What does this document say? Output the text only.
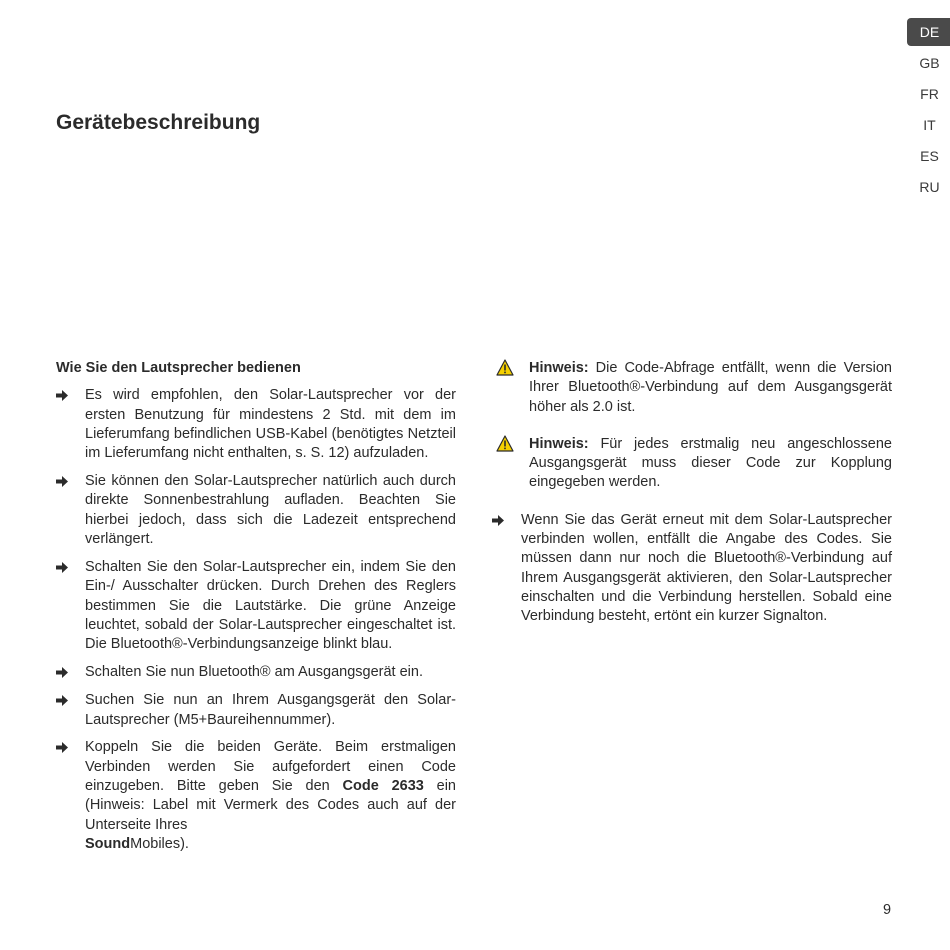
DE
GB
FR
IT
ES
RU
Gerätebeschreibung
Wie Sie den Lautsprecher bedienen
Es wird empfohlen, den Solar-Lautsprecher vor der ersten Benutzung für mindestens 2 Std. mit dem im Lieferumfang befindlichen USB-Kabel (benötigtes Netzteil im Lieferumfang nicht enthalten, s. S. 12) aufzuladen.
Sie können den Solar-Lautsprecher natürlich auch durch direkte Sonnenbestrahlung aufladen. Beachten Sie hierbei jedoch, dass sich die Ladezeit entsprechend verlängert.
Schalten Sie den Solar-Lautsprecher ein, indem Sie den Ein-/ Ausschalter drücken. Durch Drehen des Reglers bestimmen Sie die Lautstärke. Die grüne Anzeige leuchtet, sobald der Solar-Lautsprecher eingeschaltet ist. Die Bluetooth®-Verbindungsanzeige blinkt blau.
Schalten Sie nun Bluetooth® am Ausgangsgerät ein.
Suchen Sie nun an Ihrem Ausgangsgerät den Solar-Lautsprecher (M5+Baureihennummer).
Koppeln Sie die beiden Geräte. Beim erstmaligen Verbinden werden Sie aufgefordert einen Code einzugeben. Bitte geben Sie den Code 2633 ein (Hinweis: Label mit Vermerk des Codes auch auf der Unterseite Ihres
SoundMobiles).
Hinweis: Die Code-Abfrage entfällt, wenn die Version Ihrer Bluetooth®-Verbindung auf dem Ausgangsgerät höher als 2.0 ist.
Hinweis: Für jedes erstmalig neu angeschlossene Ausgangsgerät muss dieser Code zur Kopplung eingegeben werden.
Wenn Sie das Gerät erneut mit dem Solar-Lautsprecher verbinden wollen, entfällt die Angabe des Codes. Sie müssen dann nur noch die Bluetooth®-Verbindung auf Ihrem Ausgangsgerät aktivieren, den Solar-Lautsprecher einschalten und die Verbindung herstellen. Sobald eine Verbindung besteht, ertönt ein kurzer Signalton.
9
